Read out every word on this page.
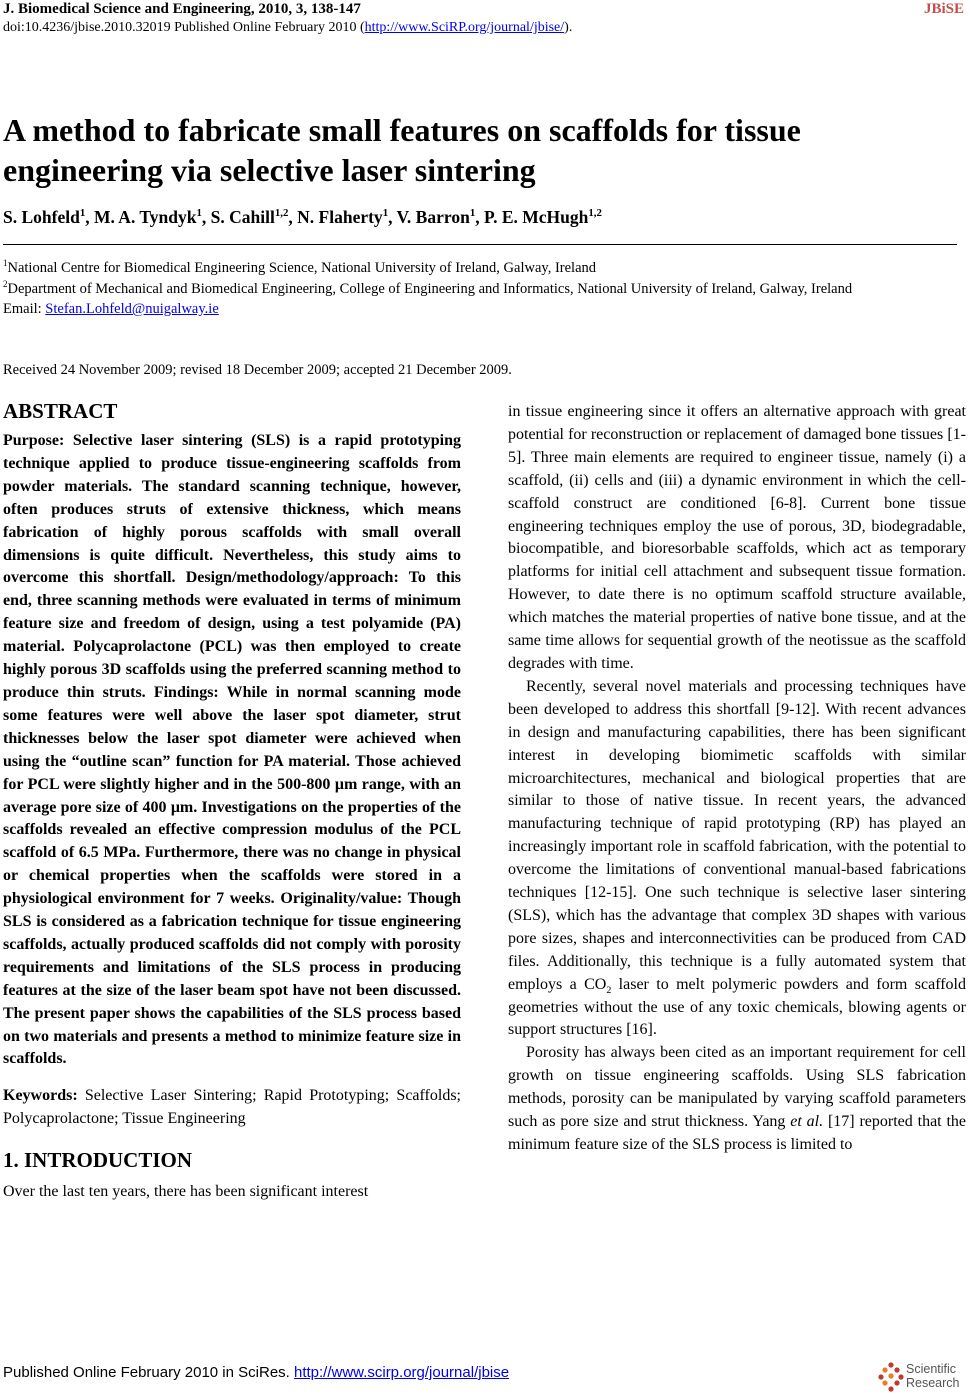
J. Biomedical Science and Engineering, 2010, 3, 138-147	JBiSE
doi:10.4236/jbise.2010.32019 Published Online February 2010 (http://www.SciRP.org/journal/jbise/).
A method to fabricate small features on scaffolds for tissue engineering via selective laser sintering
S. Lohfeld$^1$, M. A. Tyndyk$^1$, S. Cahill$^{1,2}$, N. Flaherty$^1$, V. Barron$^1$, P. E. McHugh$^{1,2}$

$^1$National Centre for Biomedical Engineering Science, National University of Ireland, Galway, Ireland

$^2$Department of Mechanical and Biomedical Engineering, College of Engineering and Informatics, National University of Ireland, Galway, Ireland

Email: Stefan.Lohfeld@nuigalway.ie

Received 24 November 2009; revised 18 December 2009; accepted 21 December 2009.
ABSTRACT

Purpose: Selective laser sintering (SLS) is a rapid prototyping technique applied to produce tissue-engineering scaffolds from powder materials. The standard scanning technique, however, often produces struts of extensive thickness, which means fabrication of highly porous scaffolds with small overall dimensions is quite difficult. Nevertheless, this study aims to overcome this shortfall. Design/methodology/approach: To this end, three scanning methods were evaluated in terms of minimum feature size and freedom of design, using a test polyamide (PA) material. Polycaprolactone (PCL) was then employed to create highly porous 3D scaffolds using the preferred scanning method to produce thin struts. Findings: While in normal scanning mode some features were well above the laser spot diameter, strut thicknesses below the laser spot diameter were achieved when using the “outline scan” function for PA material. Those achieved for PCL were slightly higher and in the 500-800 μm range, with an average pore size of 400 μm. Investigations on the properties of the scaffolds revealed an effective compression modulus of the PCL scaffold of 6.5 MPa. Furthermore, there was no change in physical or chemical properties when the scaffolds were stored in a physiological environment for 7 weeks. Originality/value: Though SLS is considered as a fabrication technique for tissue engineering scaffolds, actually produced scaffolds did not comply with porosity requirements and limitations of the SLS process in producing features at the size of the laser beam spot have not been discussed. The present paper shows the capabilities of the SLS process based on two materials and presents a method to minimize feature size in scaffolds.

Keywords: Selective Laser Sintering; Rapid Prototyping; Scaffolds; Polycaprolactone; Tissue Engineering

1. INTRODUCTION

Over the last ten years, there has been significant interest

in tissue engineering since it offers an alternative approach with great potential for reconstruction or replacement of damaged bone tissues [1-5]. Three main elements are required to engineer tissue, namely (i) a scaffold, (ii) cells and (iii) a dynamic environment in which the cell-scaffold construct are conditioned [6-8]. Current bone tissue engineering techniques employ the use of porous, 3D, biodegradable, biocompatible, and bioresorbable scaffolds, which act as temporary platforms for initial cell attachment and subsequent tissue formation. However, to date there is no optimum scaffold structure available, which matches the material properties of native bone tissue, and at the same time allows for sequential growth of the neotissue as the scaffold degrades with time.

Recently, several novel materials and processing techniques have been developed to address this shortfall [9-12]. With recent advances in design and manufacturing capabilities, there has been significant interest in developing biomimetic scaffolds with similar microarchitectures, mechanical and biological properties that are similar to those of native tissue. In recent years, the advanced manufacturing technique of rapid prototyping (RP) has played an increasingly important role in scaffold fabrication, with the potential to overcome the limitations of conventional manual-based fabrications techniques [12-15]. One such technique is selective laser sintering (SLS), which has the advantage that complex 3D shapes with various pore sizes, shapes and interconnectivities can be produced from CAD files. Additionally, this technique is a fully automated system that employs a $CO_2$ laser to melt polymeric powders and form scaffold geometries without the use of any toxic chemicals, blowing agents or support structures [16].

Porosity has always been cited as an important requirement for cell growth on tissue engineering scaffolds. Using SLS fabrication methods, porosity can be manipulated by varying scaffold parameters such as pore size and strut thickness. Yang et al. [17] reported that the minimum feature size of the SLS process is limited to

Published Online February 2010 in SciRes. http://www.scirp.org/journal/jbise	Scientific
Research
